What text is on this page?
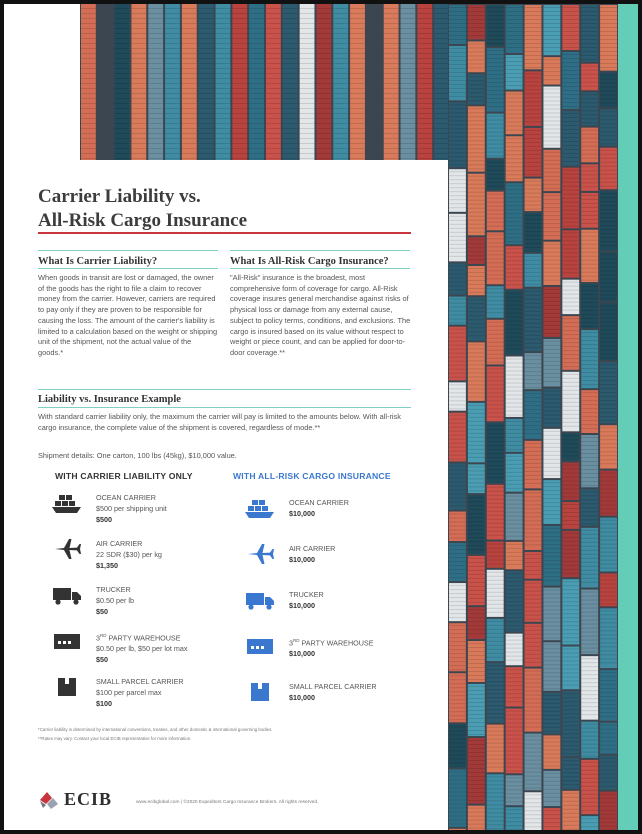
Carrier Liability vs.
All-Risk Cargo Insurance
What Is Carrier Liability?
When goods in transit are lost or damaged, the owner of the goods has the right to file a claim to recover money from the carrier. However, carriers are required to pay only if they are proven to be responsible for causing the loss. The amount of the carrier's liability is limited to a calculation based on the weight or shipping unit of the shipment, not the actual value of the goods.*
What Is All-Risk Cargo Insurance?
"All-Risk" insurance is the broadest, most comprehensive form of coverage for cargo. All-Risk coverage insures general merchandise against risks of physical loss or damage from any external cause, subject to policy terms, conditions, and exclusions. The cargo is insured based on its value without respect to weight or piece count, and can be applied for door-to-door coverage.**
Liability vs. Insurance Example
With standard carrier liability only, the maximum the carrier will pay is limited to the amounts below. With all-risk cargo insurance, the complete value of the shipment is covered, regardless of mode.**
Shipment details: One carton, 100 lbs (45kg), $10,000 value.
WITH CARRIER LIABILITY ONLY	WITH ALL-RISK CARGO INSURANCE
OCEAN CARRIER
$500 per shipping unit
$500
AIR CARRIER
22 SDR ($30) per kg
$1,350
TRUCKER
$0.50 per lb
$50
3RD PARTY WAREHOUSE
$0.50 per lb, $50 per lot max
$50
SMALL PARCEL CARRIER
$100 per parcel max
$100
OCEAN CARRIER
$10,000
AIR CARRIER
$10,000
TRUCKER
$10,000
3RD PARTY WAREHOUSE
$10,000
SMALL PARCEL CARRIER
$10,000
*Carrier liability is determined by international conventions, treaties, and other domestic & international governing bodies.
**Rates may vary. Contact your local ECIB representative for more information.
ECIB	www.ecibglobal.com | ©2020 Expeditors Cargo Insurance Brokers. All rights reserved.
